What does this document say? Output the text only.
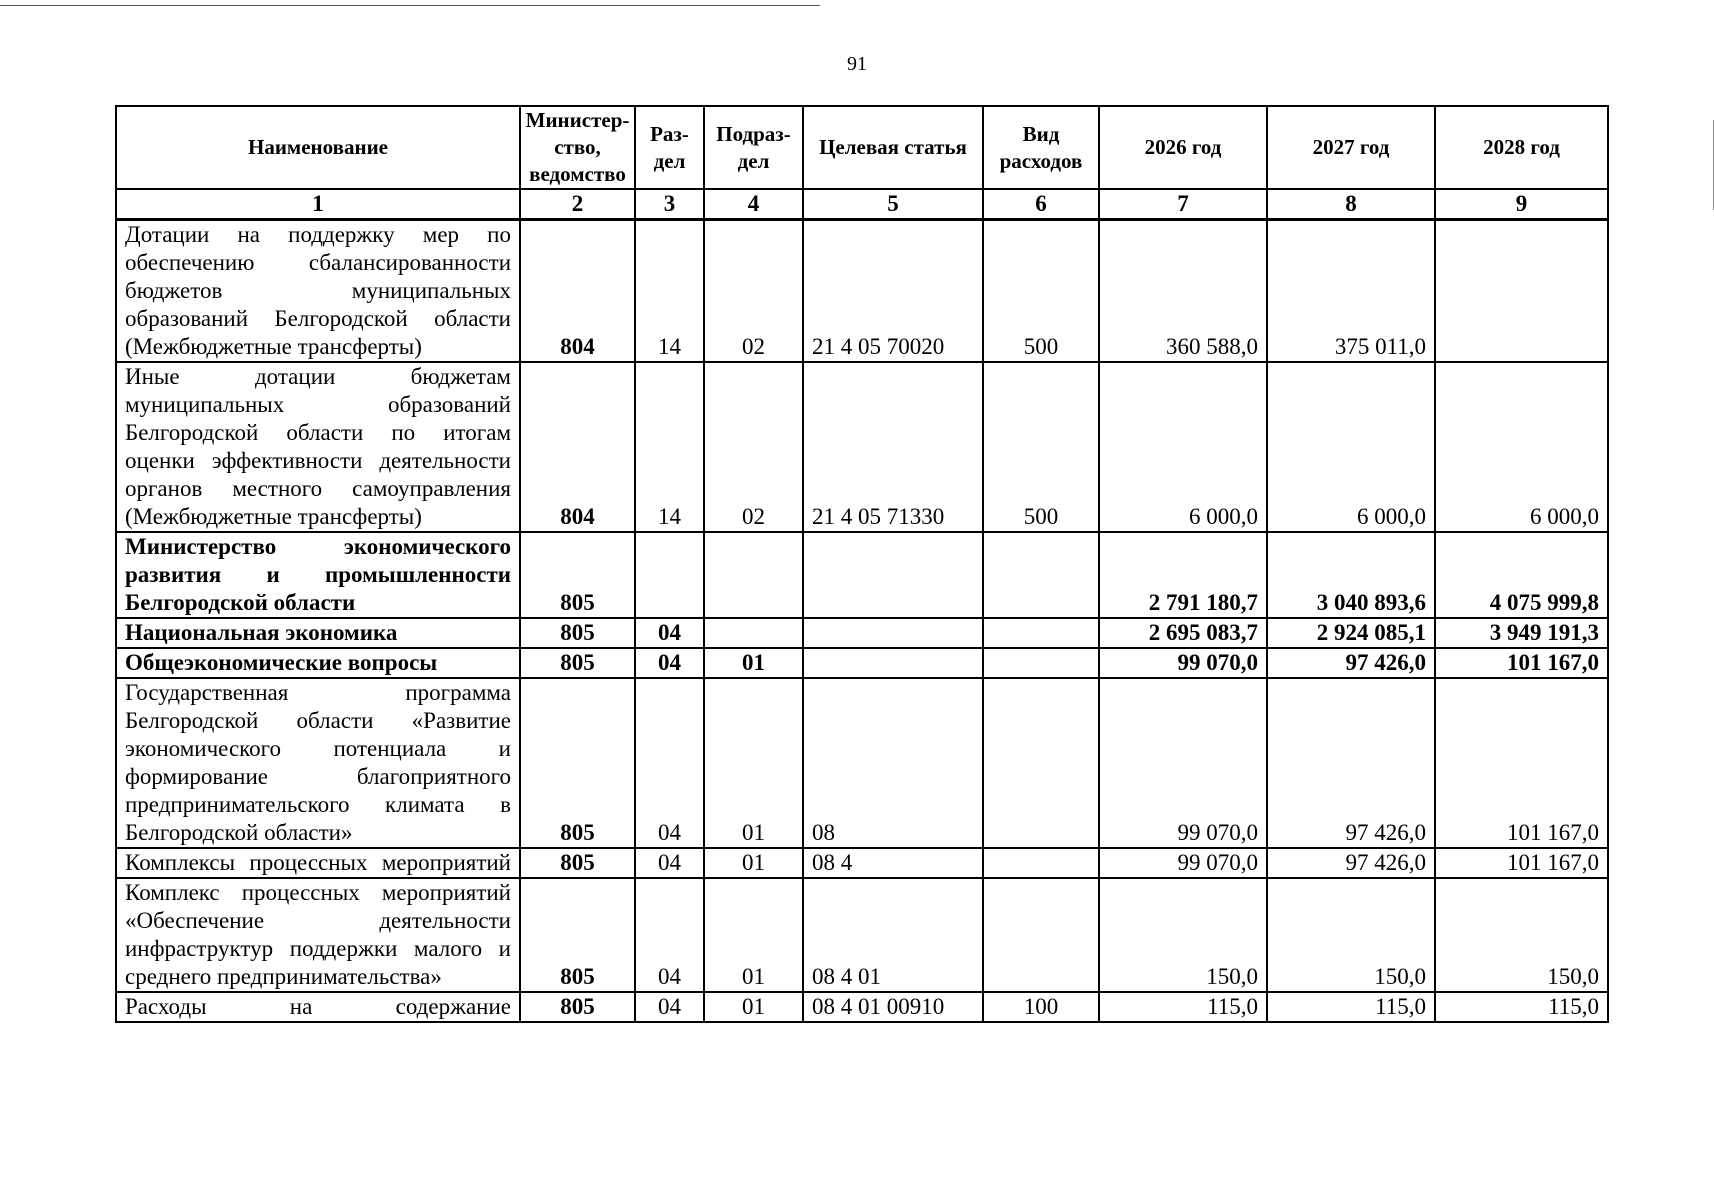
91
Наименование	Министер-ство, ведомство	Раз-дел	Подраз-дел	Целевая статья	Вид расходов	2026 год	2027 год	2028 год
1	2	3	4	5	6	7	8	9
Дотации на поддержку мер по обеспечению сбалансированности бюджетов муниципальных образований Белгородской области (Межбюджетные трансферты)	804	14	02	21 4 05 70020	500	360 588,0	375 011,0	
Иные дотации бюджетам муниципальных образований Белгородской области по итогам оценки эффективности деятельности органов местного самоуправления (Межбюджетные трансферты)	804	14	02	21 4 05 71330	500	6 000,0	6 000,0	6 000,0
Министерство экономического развития и промышленности Белгородской области	805					2 791 180,7	3 040 893,6	4 075 999,8
Национальная экономика	805	04				2 695 083,7	2 924 085,1	3 949 191,3
Общеэкономические вопросы	805	04	01			99 070,0	97 426,0	101 167,0
Государственная программа Белгородской области «Развитие экономического потенциала и формирование благоприятного предпринимательского климата в Белгородской области»	805	04	01	08		99 070,0	97 426,0	101 167,0
Комплексы процессных мероприятий	805	04	01	08 4		99 070,0	97 426,0	101 167,0
Комплекс процессных мероприятий «Обеспечение деятельности инфраструктур поддержки малого и среднего предпринимательства»	805	04	01	08 4 01		150,0	150,0	150,0
Расходы на содержание	805	04	01	08 4 01 00910	100	115,0	115,0	115,0
